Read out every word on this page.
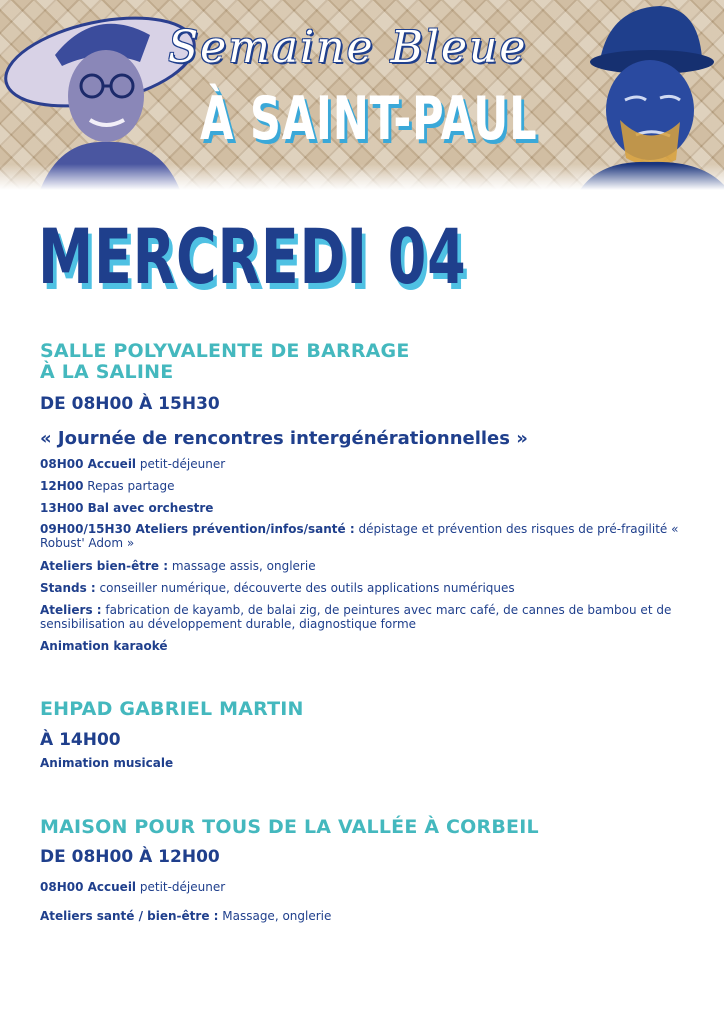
Semaine Bleue
À SAINT-PAUL
MERCREDI 04
SALLE POLYVALENTE DE BARRAGE
À LA SALINE
DE 08H00 À 15H30
« Journée de rencontres intergénérationnelles »

08H00 Accueil petit-déjeuner

12H00 Repas partage

13H00 Bal avec orchestre

09H00/15H30 Ateliers prévention/infos/santé : dépistage et prévention des risques de pré-fragilité « Robust' Adom »

Ateliers bien-être : massage assis, onglerie

Stands : conseiller numérique, découverte des outils applications numériques

Ateliers : fabrication de kayamb, de balai zig, de peintures avec marc café, de cannes de bambou et de sensibilisation au développement durable, diagnostique forme

Animation karaoké

EHPAD GABRIEL MARTIN
À 14H00

Animation musicale

MAISON POUR TOUS DE LA VALLÉE À CORBEIL
DE 08H00 À 12H00

08H00 Accueil petit-déjeuner

Ateliers santé / bien-être : Massage, onglerie
